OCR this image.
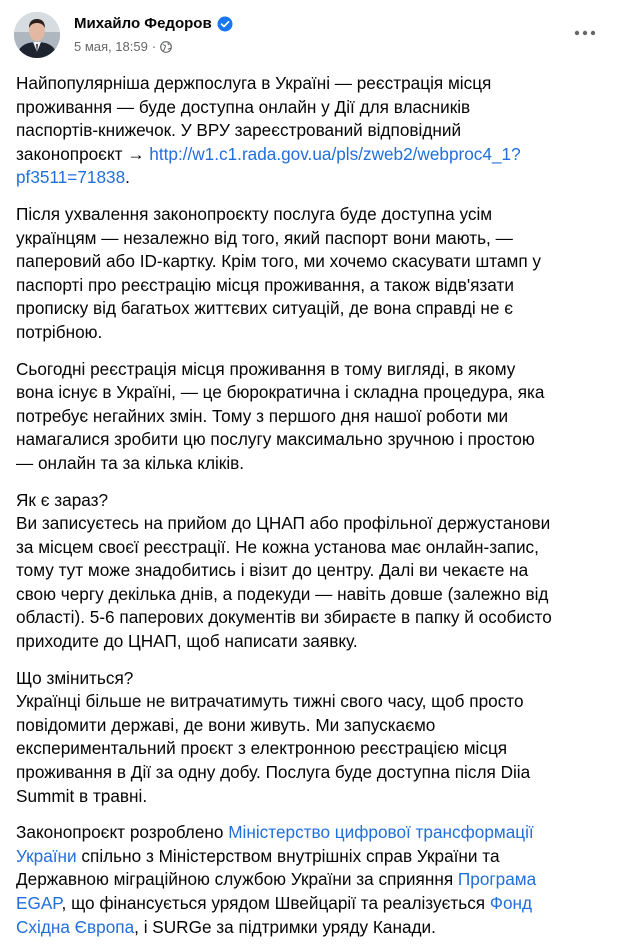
Михайло Федоров
5 мая, 18:59 ·
Найпопулярніша держпослуга в Україні — реєстрація місця
проживання — буде доступна онлайн у Дії для власників
паспортів-книжечок. У ВРУ зареєстрований відповідний
законопроєкт → http://w1.c1.rada.gov.ua/pls/zweb2/webproc4_1?
pf3511=71838.
Після ухвалення законопроєкту послуга буде доступна усім
українцям — незалежно від того, який паспорт вони мають, —
паперовий або ID-картку. Крім того, ми хочемо скасувати штамп у
паспорті про реєстрацію місця проживання, а також відв'язати
прописку від багатьох життєвих ситуацій, де вона справді не є
потрібною.
Сьогодні реєстрація місця проживання в тому вигляді, в якому
вона існує в Україні, — це бюрократична і складна процедура, яка
потребує негайних змін. Тому з першого дня нашої роботи ми
намагалися зробити цю послугу максимально зручною і простою
— онлайн та за кілька кліків.
Як є зараз?
Ви записуєтесь на прийом до ЦНАП або профільної держустанови
за місцем своєї реєстрації. Не кожна установа має онлайн-запис,
тому тут може знадобитись і візит до центру. Далі ви чекаєте на
свою чергу декілька днів, а подекуди — навіть довше (залежно від
області). 5-6 паперових документів ви збираєте в папку й особисто
приходите до ЦНАП, щоб написати заявку.
Що зміниться?
Українці більше не витрачатимуть тижні свого часу, щоб просто
повідомити державі, де вони живуть. Ми запускаємо
експериментальний проєкт з електронною реєстрацією місця
проживання в Дії за одну добу. Послуга буде доступна після Diia
Summit в травні.
Законопроєкт розроблено Міністерство цифрової трансформації
України спільно з Міністерством внутрішніх справ України та
Державною міграційною службою України за сприяння Програма
EGAP, що фінансується урядом Швейцарії та реалізується Фонд
Східна Європа, і SURGe за підтримки уряду Канади.
